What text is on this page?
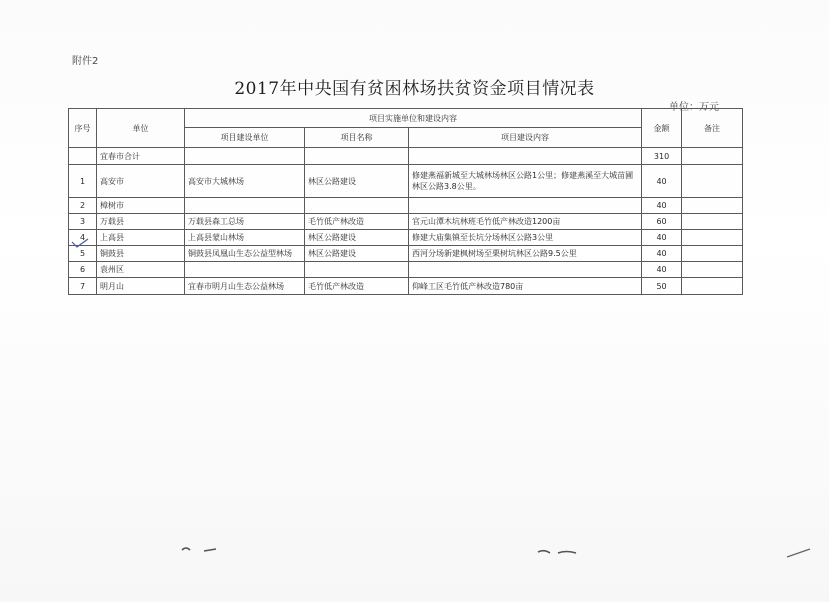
附件2
2017年中央国有贫困林场扶贫资金项目情况表
单位：万元
序号	单位	项目实施单位和建设内容			金额	备注
		项目建设单位	项目名称	项目建设内容		
	宜春市合计				310	
1	高安市	高安市大城林场	林区公路建设	修建燕福新城至大城林场林区公路1公里；修建燕溪至大城苗圃林区公路3.8公里。	40	
2	樟树市				40	
3	万载县	万载县森工总场	毛竹低产林改造	官元山潭木坑林班毛竹低产林改造1200亩	60	
4	上高县	上高县蒙山林场	林区公路建设	修建大庙集镇至长坑分场林区公路3公里	40	
5	铜鼓县	铜鼓县凤凰山生态公益型林场	林区公路建设	西河分场新建枫树场至栗树坑林区公路9.5公里	40	
6	袁州区				40	
7	明月山	宜春市明月山生态公益林场	毛竹低产林改造	仰峰工区毛竹低产林改造780亩	50	
